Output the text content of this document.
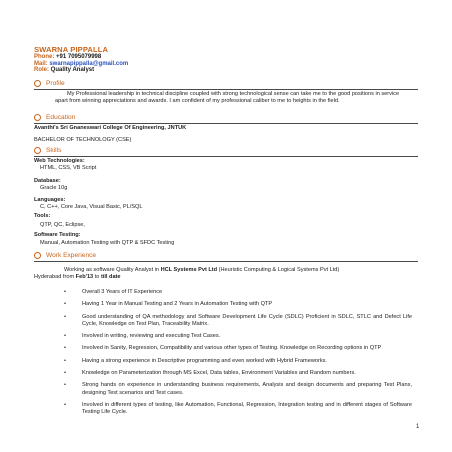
SWARNA PIPPALLA
Phone: +91 7095079998
Mail: swarnapippalla@gmail.com
Role: Quality Analyst
Profile
My Professional leadership in technical discipline coupled with strong technological sense can take me to the good positions in service apart from winning appreciations and awards. I am confident of my professional caliber to me to heights in the field.
Education
Avanthi's Sri Gnaneswari College Of Engineering, JNTUK
BACHELOR OF TECHNOLOGY (CSE)
Skills
Web Technologies:
HTML, CSS, VB Script
Database:
Gracle 10g
Languages:
C, C++, Core Java, Visual Basic, PL/SQL
Tools:
QTP, QC, Eclipse,
Software Testing:
Manual, Automation Testing with QTP & SFDC Testing
Work Experience
Working as software Quality Analyst in HCL Systems Pvt Ltd (Heuristic Computing & Logical Systems Pvt Ltd)
Hyderabad from Feb'13 to till date
•	Overall 3 Years of IT Experience
•	Having 1 Year in Manual Testing and 2 Years in Automation Testing with QTP
•	Good understanding of QA methodology and Software Development Life Cycle (SDLC) Proficient in SDLC, STLC and Defect Life Cycle, Knowledge on Test Plan, Traceability Matrix.
•	Involved in writing, reviewing and executing Test Cases.
•	Involved in Sanity, Regression, Compatibility and various other types of Testing. Knowledge on Recording options in QTP
•	Having a strong experience in Descriptive programming and even worked with Hybrid Frameworks.
•	Knowledge on Parameterization through MS Excel, Data tables, Environment Variables and Random numbers.
•	Strong hands on experience in understanding business requirements, Analysis and design documents and preparing Test Plans, designing Test scenarios and Test cases.
•	Involved in different types of testing, like Automation, Functional, Regression, Integration testing and in different stages of Software Testing Life Cycle.
1
